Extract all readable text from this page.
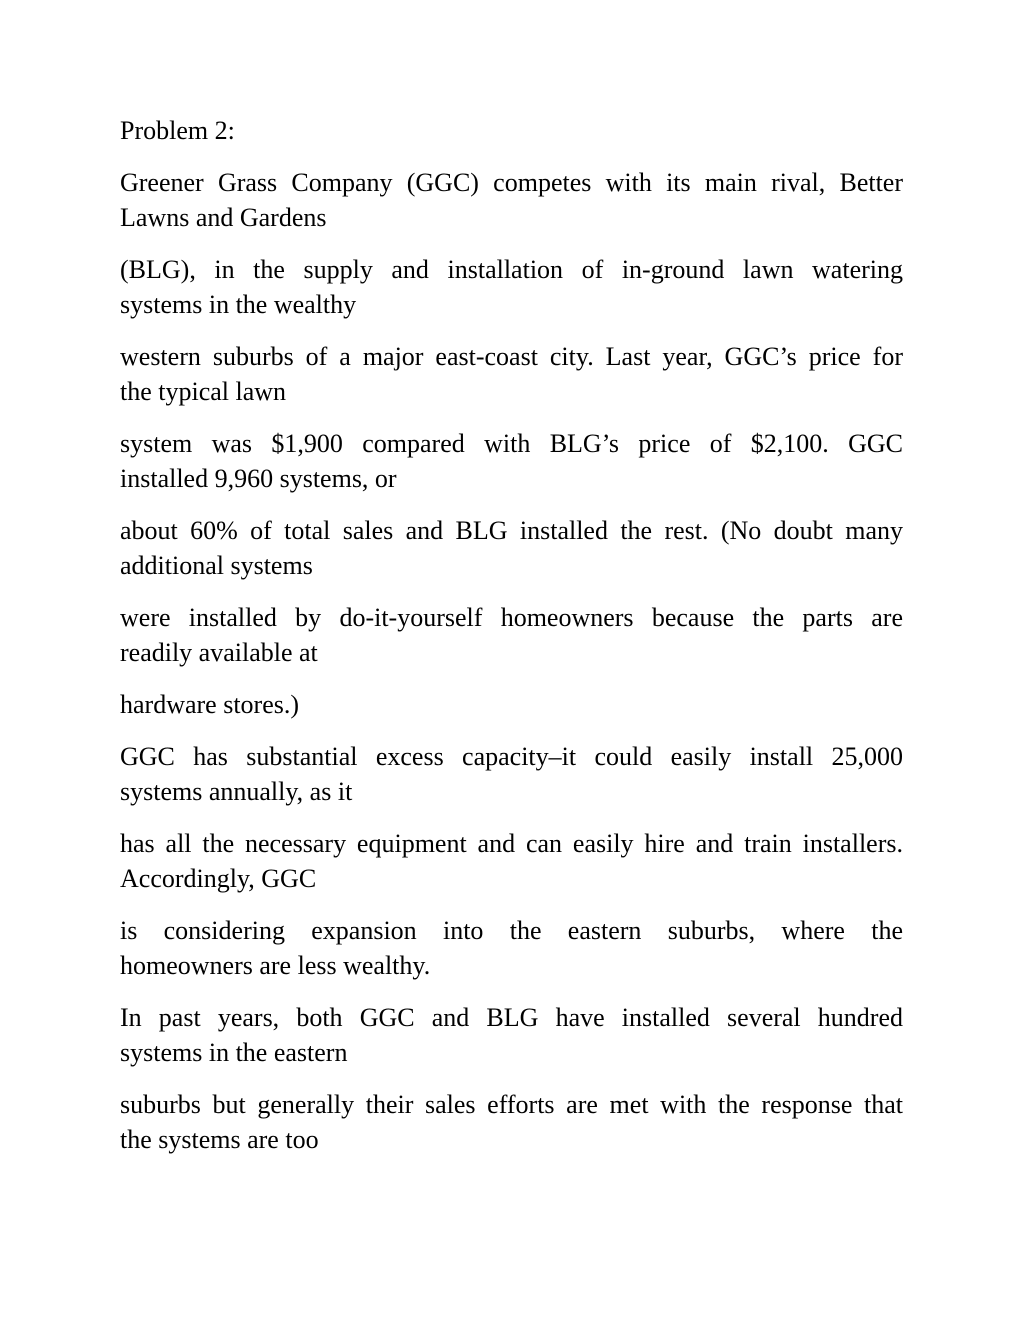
Problem 2:

Greener Grass Company (GGC) competes with its main rival, Better
Lawns and Gardens

(BLG), in the supply and installation of in-ground lawn watering
systems in the wealthy

western suburbs of a major east-coast city. Last year, GGC’s price for
the typical lawn

system was $1,900 compared with BLG’s price of $2,100. GGC
installed 9,960 systems, or

about 60% of total sales and BLG installed the rest. (No doubt many
additional systems

were installed by do-it-yourself homeowners because the parts are
readily available at

hardware stores.)

GGC has substantial excess capacity–it could easily install 25,000
systems annually, as it

has all the necessary equipment and can easily hire and train installers.
Accordingly, GGC

is considering expansion into the eastern suburbs, where the
homeowners are less wealthy.

In past years, both GGC and BLG have installed several hundred
systems in the eastern

suburbs but generally their sales efforts are met with the response that
the systems are too
